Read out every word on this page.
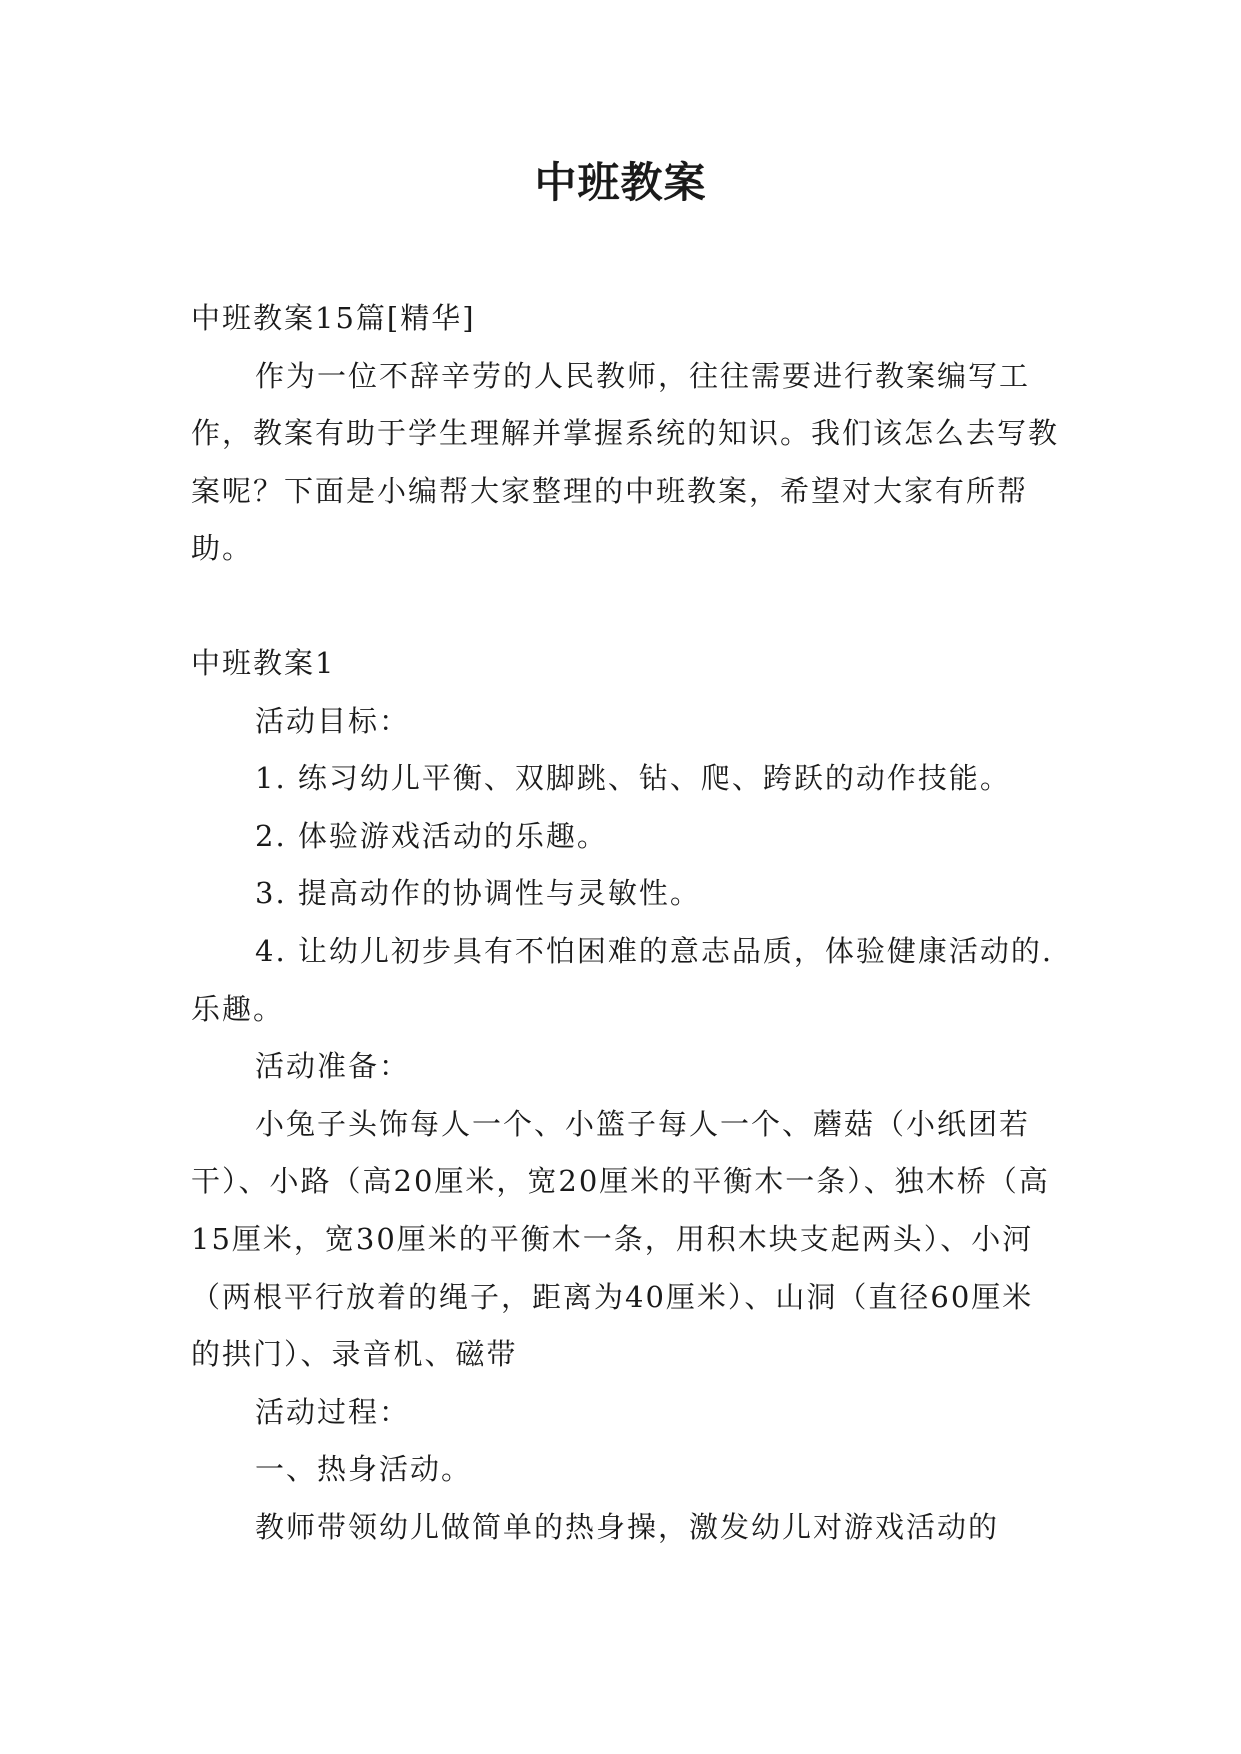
中班教案

中班教案15篇[精华]

作为一位不辞辛劳的人民教师，往往需要进行教案编写工作，教案有助于学生理解并掌握系统的知识。我们该怎么去写教案呢？下面是小编帮大家整理的中班教案，希望对大家有所帮助。

中班教案1

活动目标：

1. 练习幼儿平衡、双脚跳、钻、爬、跨跃的动作技能。

2. 体验游戏活动的乐趣。

3. 提高动作的协调性与灵敏性。

4. 让幼儿初步具有不怕困难的意志品质，体验健康活动的.乐趣。

活动准备：

小兔子头饰每人一个、小篮子每人一个、蘑菇（小纸团若干）、小路（高20厘米，宽20厘米的平衡木一条）、独木桥（高15厘米，宽30厘米的平衡木一条，用积木块支起两头）、小河（两根平行放着的绳子，距离为40厘米）、山洞（直径60厘米的拱门）、录音机、磁带

活动过程：

一、热身活动。

教师带领幼儿做简单的热身操，激发幼儿对游戏活动的
